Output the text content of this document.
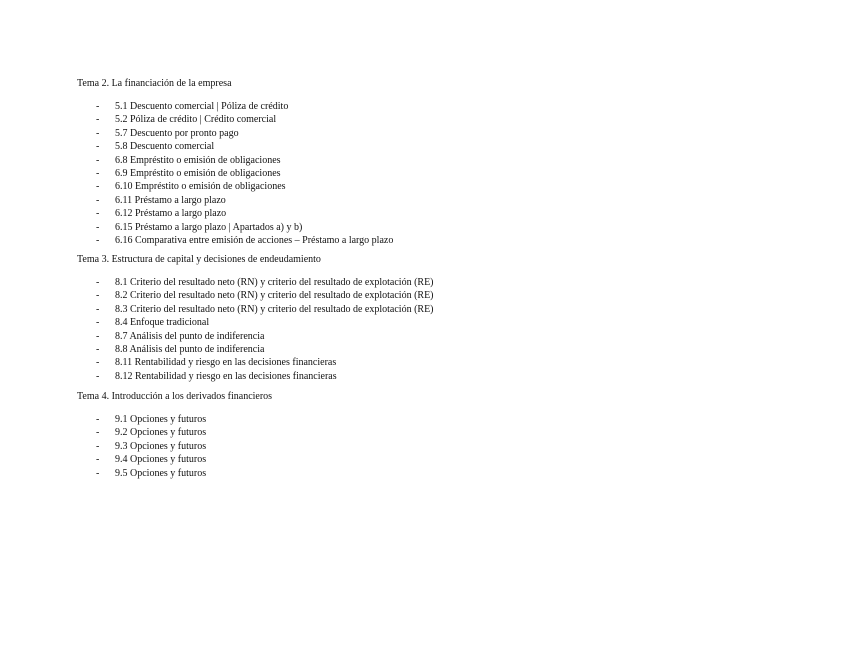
Tema 2. La financiación de la empresa
- 5.1 Descuento comercial | Póliza de crédito
- 5.2 Póliza de crédito | Crédito comercial
- 5.7 Descuento por pronto pago
- 5.8 Descuento comercial
- 6.8 Empréstito o emisión de obligaciones
- 6.9 Empréstito o emisión de obligaciones
- 6.10 Empréstito o emisión de obligaciones
- 6.11 Préstamo a largo plazo
- 6.12 Préstamo a largo plazo
- 6.15 Préstamo a largo plazo | Apartados a) y b)
- 6.16 Comparativa entre emisión de acciones – Préstamo a largo plazo
Tema 3. Estructura de capital y decisiones de endeudamiento
- 8.1 Criterio del resultado neto (RN) y criterio del resultado de explotación (RE)
- 8.2 Criterio del resultado neto (RN) y criterio del resultado de explotación (RE)
- 8.3 Criterio del resultado neto (RN) y criterio del resultado de explotación (RE)
- 8.4 Enfoque tradicional
- 8.7 Análisis del punto de indiferencia
- 8.8 Análisis del punto de indiferencia
- 8.11 Rentabilidad y riesgo en las decisiones financieras
- 8.12 Rentabilidad y riesgo en las decisiones financieras
Tema 4. Introducción a los derivados financieros
- 9.1 Opciones y futuros
- 9.2 Opciones y futuros
- 9.3 Opciones y futuros
- 9.4 Opciones y futuros
- 9.5 Opciones y futuros
